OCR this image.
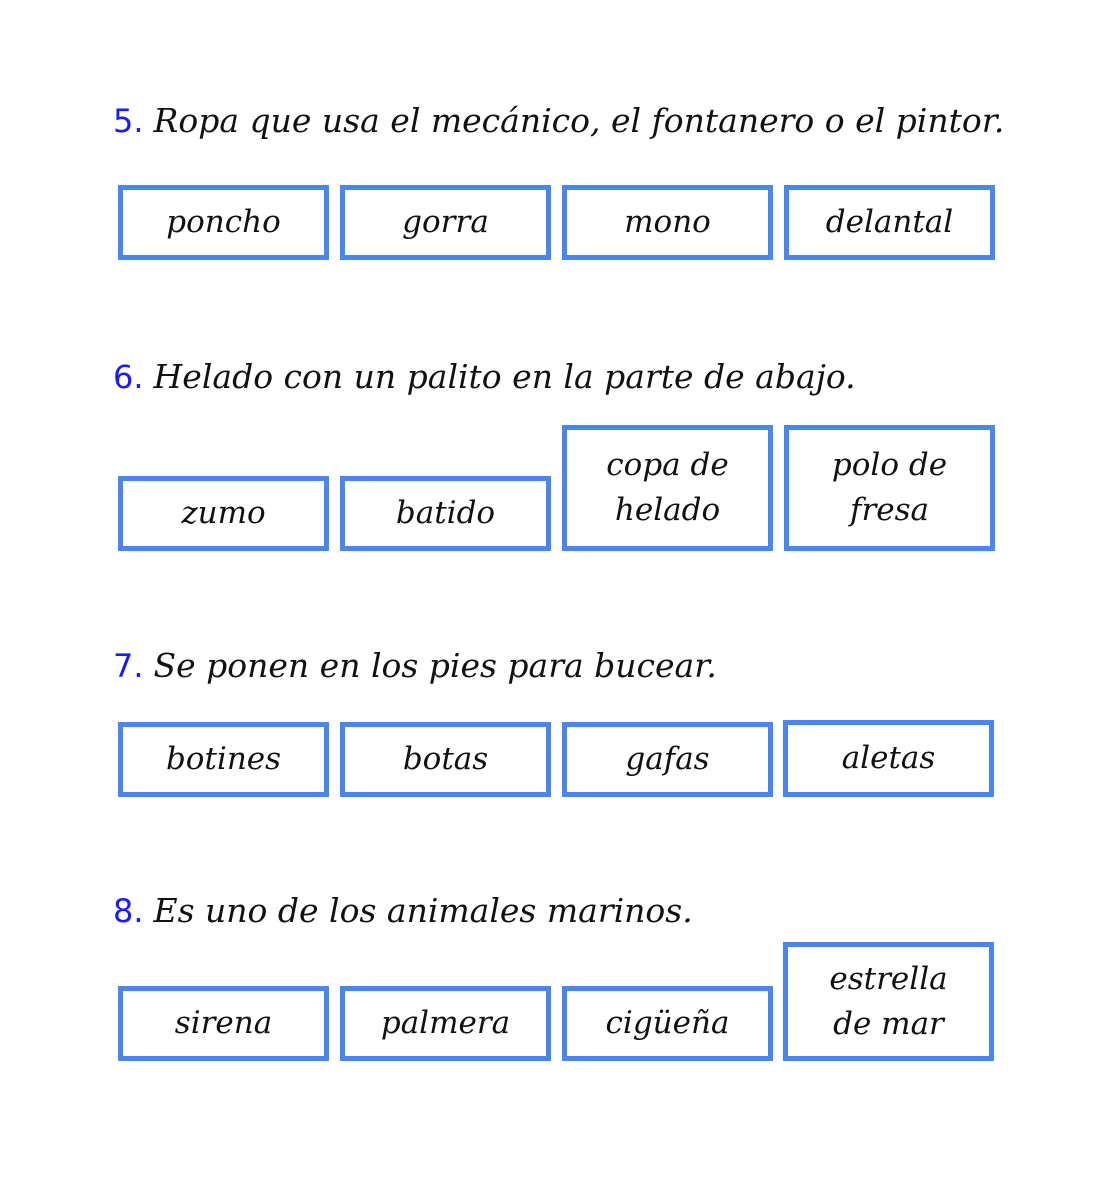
5. Ropa que usa el mecánico, el fontanero o el pintor.
poncho	gorra	mono	delantal
6. Helado con un palito en la parte de abajo.
zumo	batido
copa de
helado
polo de
fresa
7. Se ponen en los pies para bucear.
botines	botas	gafas	aletas
8. Es uno de los animales marinos.
sirena	palmera	cigüeña
estrella
de mar
